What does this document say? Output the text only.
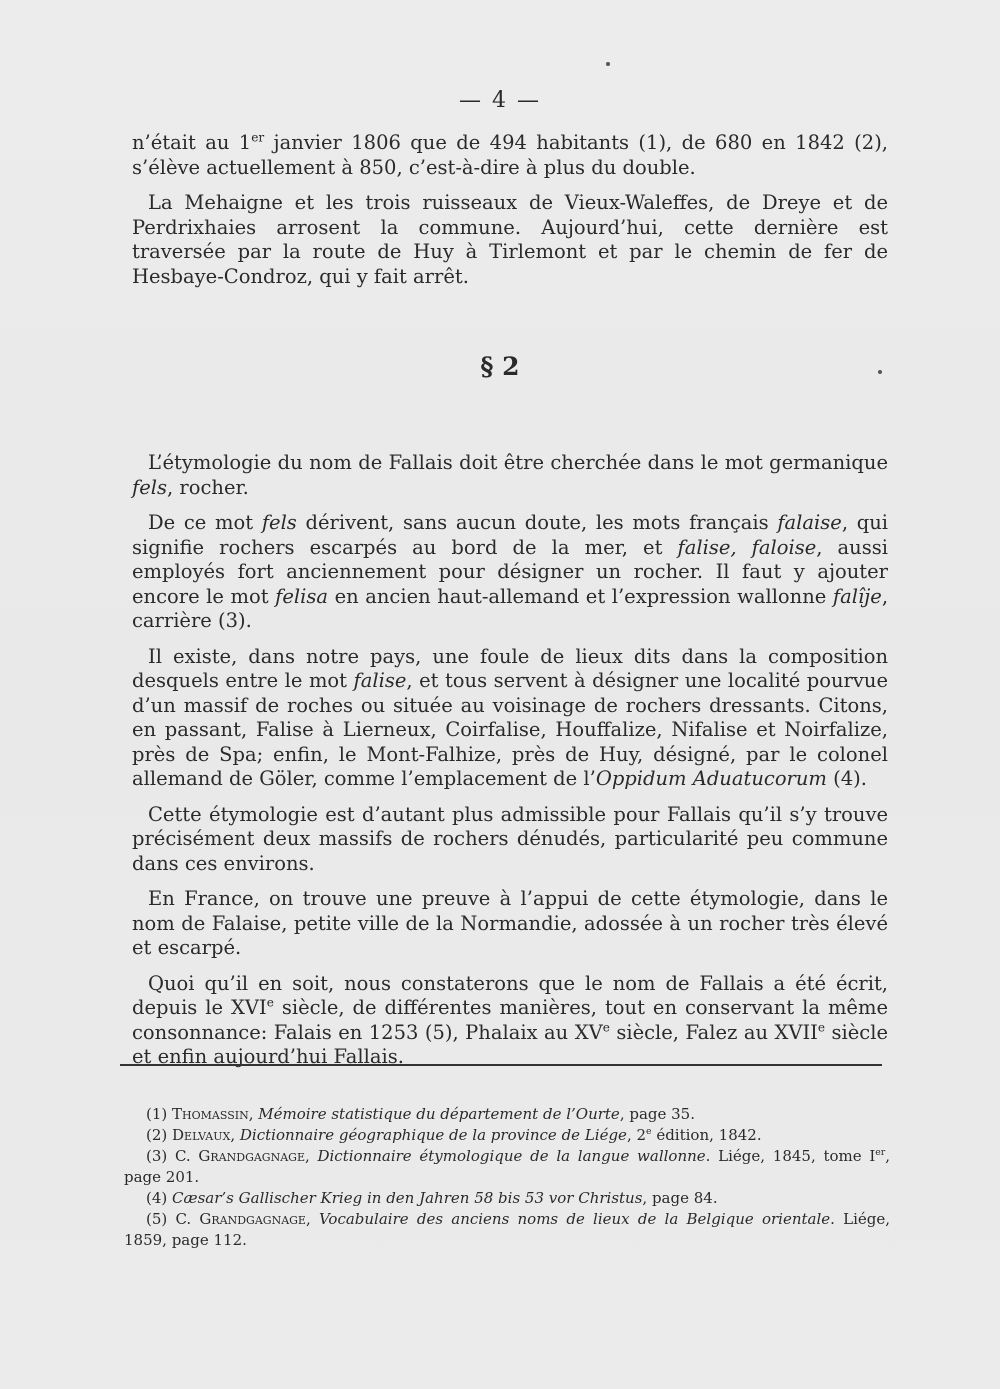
— 4 —

n’était au 1er janvier 1806 que de 494 habitants (1), de 680 en 1842 (2), s’élève actuellement à 850, c’est-à-dire à plus du double.

La Mehaigne et les trois ruisseaux de Vieux-Waleffes, de Dreye et de Perdrixhaies arrosent la commune. Aujourd’hui, cette dernière est traversée par la route de Huy à Tirlemont et par le chemin de fer de Hesbaye-Condroz, qui y fait arrêt.

§ 2

L’étymologie du nom de Fallais doit être cherchée dans le mot germanique fels, rocher.

De ce mot fels dérivent, sans aucun doute, les mots français falaise, qui signifie rochers escarpés au bord de la mer, et falise, faloise, aussi employés fort anciennement pour désigner un rocher. Il faut y ajouter encore le mot felisa en ancien haut-allemand et l’expression wallonne falîje, carrière (3).

Il existe, dans notre pays, une foule de lieux dits dans la composition desquels entre le mot falise, et tous servent à désigner une localité pourvue d’un massif de roches ou située au voisinage de rochers dressants. Citons, en passant, Falise à Lierneux, Coirfalise, Houffalize, Nifalise et Noirfalize, près de Spa; enfin, le Mont-Falhize, près de Huy, désigné, par le colonel allemand de Göler, comme l’emplacement de l’Oppidum Aduatucorum (4).

Cette étymologie est d’autant plus admissible pour Fallais qu’il s’y trouve précisément deux massifs de rochers dénudés, particularité peu commune dans ces environs.

En France, on trouve une preuve à l’appui de cette étymologie, dans le nom de Falaise, petite ville de la Normandie, adossée à un rocher très élevé et escarpé.

Quoi qu’il en soit, nous constaterons que le nom de Fallais a été écrit, depuis le XVIe siècle, de différentes manières, tout en conservant la même consonnance: Falais en 1253 (5), Phalaix au XVe siècle, Falez au XVIIe siècle et enfin aujourd’hui Fallais.

(1) Thomassin, Mémoire statistique du département de l’Ourte, page 35.

(2) Delvaux, Dictionnaire géographique de la province de Liége, 2e édition, 1842.

(3) C. Grandgagnage, Dictionnaire étymologique de la langue wallonne. Liége, 1845, tome Ier, page 201.

(4) Cæsar’s Gallischer Krieg in den Jahren 58 bis 53 vor Christus, page 84.

(5) C. Grandgagnage, Vocabulaire des anciens noms de lieux de la Belgique orientale. Liége, 1859, page 112.
